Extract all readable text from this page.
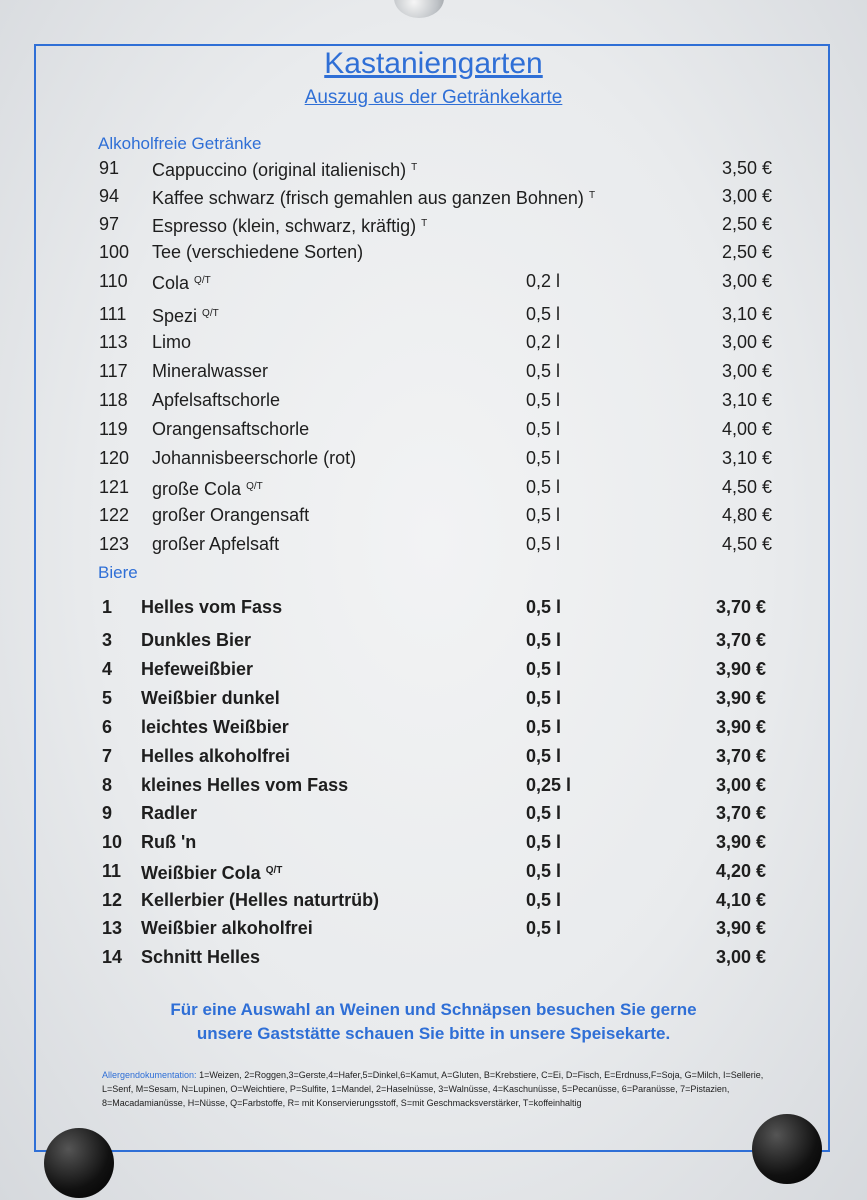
Kastaniengarten
Auszug aus der Getränkekarte
Alkoholfreie Getränke
91 Cappuccino (original italienisch) $^T$	3,50 €
94 Kaffee schwarz (frisch gemahlen aus ganzen Bohnen) $^T$	3,00 €
97 Espresso (klein, schwarz, kräftig) $^T$	2,50 €
100 Tee (verschiedene Sorten)	2,50 €
110 Cola $^{Q/T}$	0,2 l	3,00 €
111 Spezi $^{Q/T}$	0,5 l	3,10 €
113 Limo	0,2 l	3,00 €
117 Mineralwasser	0,5 l	3,00 €
118 Apfelsaftschorle	0,5 l	3,10 €
119 Orangensaftschorle	0,5 l	4,00 €
120 Johannisbeerschorle (rot)	0,5 l	3,10 €
121 große Cola $^{Q/T}$	0,5 l	4,50 €
122 großer Orangensaft	0,5 l	4,80 €
123 großer Apfelsaft	0,5 l	4,50 €
Biere
1 Helles vom Fass	0,5 l	3,70 €
3 Dunkles Bier	0,5 l	3,70 €
4 Hefeweißbier	0,5 l	3,90 €
5 Weißbier dunkel	0,5 l	3,90 €
6 leichtes Weißbier	0,5 l	3,90 €
7 Helles alkoholfrei	0,5 l	3,70 €
8 kleines Helles vom Fass	0,25 l	3,00 €
9 Radler	0,5 l	3,70 €
10 Ruß 'n	0,5 l	3,90 €
11 Weißbier Cola $^{Q/T}$	0,5 l	4,20 €
12 Kellerbier (Helles naturtrüb)	0,5 l	4,10 €
13 Weißbier alkoholfrei	0,5 l	3,90 €
14 Schnitt Helles	3,00 €
Für eine Auswahl an Weinen und Schnäpsen besuchen Sie gerne
unsere Gaststätte schauen Sie bitte in unsere Speisekarte.
Allergendokumentation: 1=Weizen, 2=Roggen,3=Gerste,4=Hafer,5=Dinkel,6=Kamut, A=Gluten, B=Krebstiere, C=Ei, D=Fisch, E=Erdnuss,F=Soja, G=Milch, I=Sellerie, L=Senf, M=Sesam, N=Lupinen, O=Weichtiere, P=Sulfite, 1=Mandel, 2=Haselnüsse, 3=Walnüsse, 4=Kaschunüsse, 5=Pecanüsse, 6=Paranüsse, 7=Pistazien, 8=Macadamianüsse, H=Nüsse, Q=Farbstoffe, R= mit Konservierungsstoff, S=mit Geschmacksverstärker, T=koffeinhaltig
